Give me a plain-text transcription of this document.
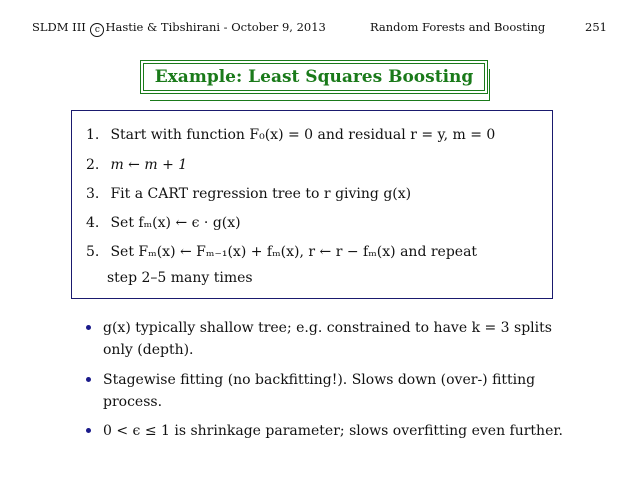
SLDM III c Hastie & Tibshirani - October 9, 2013	Random Forests and Boosting	251
Example: Least Squares Boosting
1. Start with function F₀(x) = 0 and residual r = y, m = 0
2. m ← m + 1
3. Fit a CART regression tree to r giving g(x)
4. Set fₘ(x) ← ϵ · g(x)
5. Set Fₘ(x) ← Fₘ₋₁(x) + fₘ(x), r ← r − fₘ(x) and repeat
step 2–5 many times
g(x) typically shallow tree; e.g. constrained to have k = 3 splits
only (depth).
Stagewise fitting (no backfitting!). Slows down (over-) fitting
process.
0 < ϵ ≤ 1 is shrinkage parameter; slows overfitting even further.
